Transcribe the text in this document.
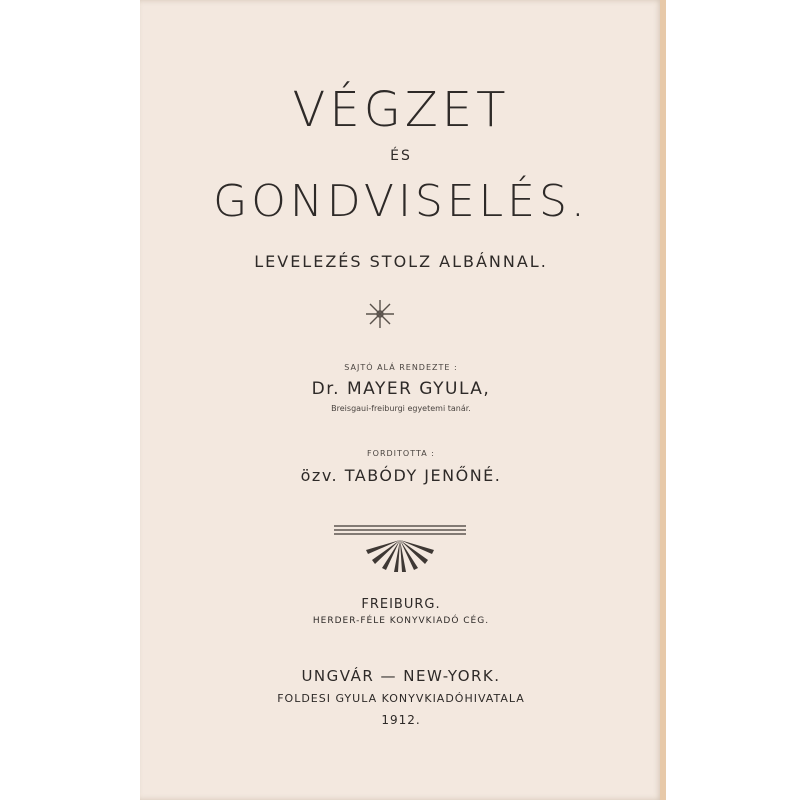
VÉGZET
ÉS
GONDVISELÉS.
LEVELEZÉS STOLZ ALBÁNNAL.
SAJTÓ ALÁ RENDEZTE :
Dr. MAYER GYULA,
Breisgaui-freiburgi egyetemi tanár.
FORDITOTTA :
özv. TABÓDY JENŐNÉ.
FREIBURG.
HERDER-FÉLE KONYVKIADÓ CÉG.
UNGVÁR — NEW-YORK.
FOLDESI GYULA KONYVKIADÓHIVATALA
1912.
